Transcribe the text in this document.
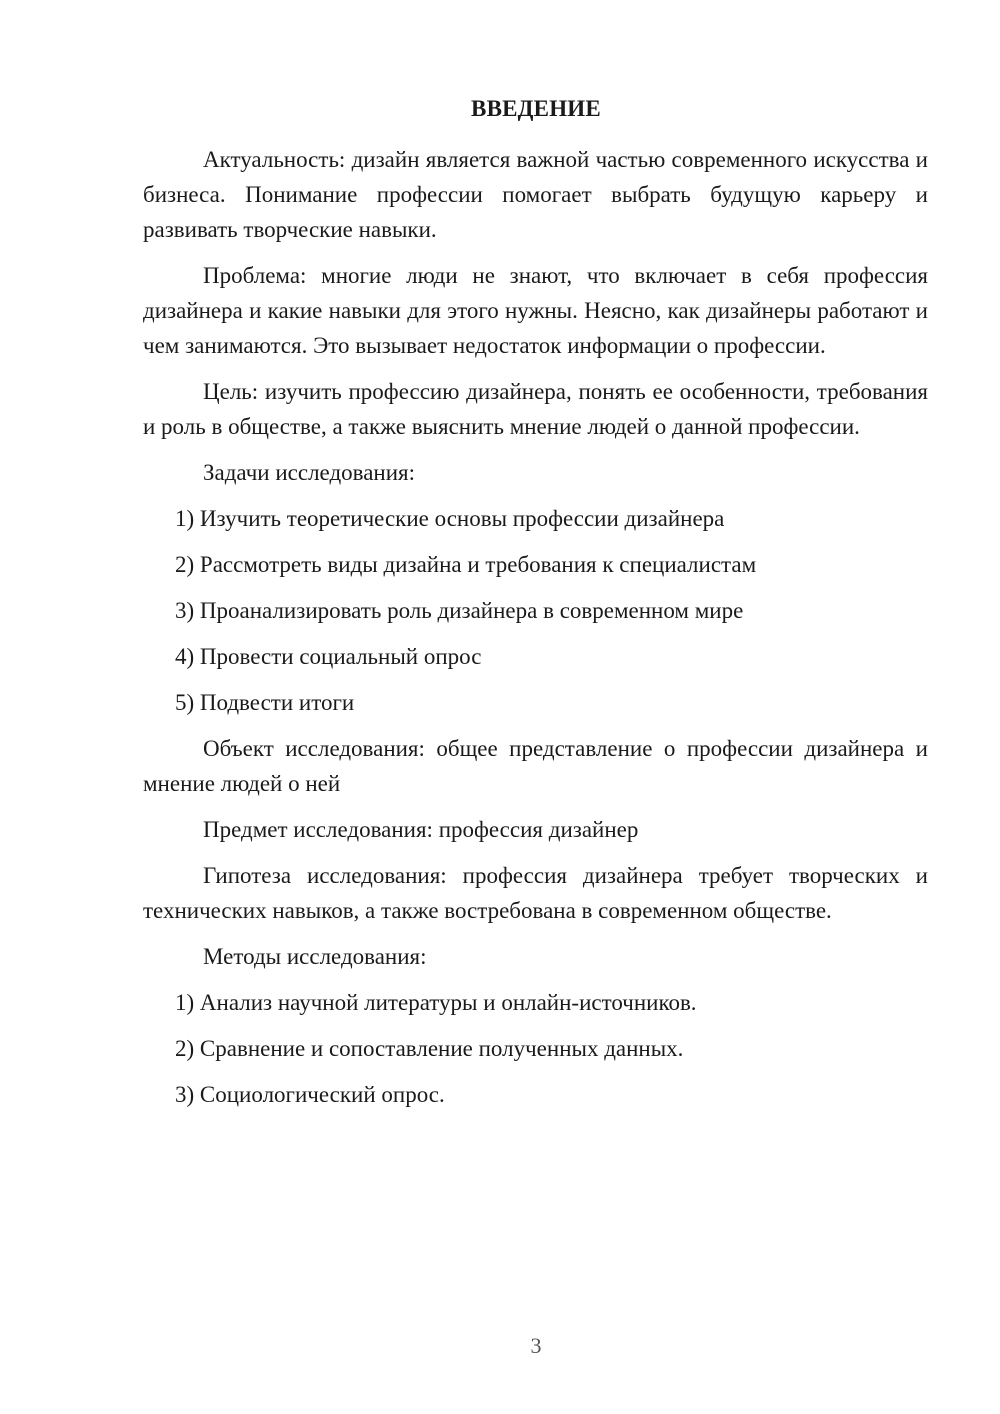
ВВЕДЕНИЕ

Актуальность: дизайн является важной частью современного искусства и бизнеса. Понимание профессии помогает выбрать будущую карьеру и развивать творческие навыки.

Проблема: многие люди не знают, что включает в себя профессия дизайнера и какие навыки для этого нужны. Неясно, как дизайнеры работают и чем занимаются. Это вызывает недостаток информации о профессии.

Цель: изучить профессию дизайнера, понять ее особенности, требования и роль в обществе, а также выяснить мнение людей о данной профессии.

Задачи исследования:

1) Изучить теоретические основы профессии дизайнера

2) Рассмотреть виды дизайна и требования к специалистам

3) Проанализировать роль дизайнера в современном мире

4) Провести социальный опрос

5) Подвести итоги

Объект исследования: общее представление о профессии дизайнера и мнение людей о ней

Предмет исследования: профессия дизайнер

Гипотеза исследования: профессия дизайнера требует творческих и технических навыков, а также востребована в современном обществе.

Методы исследования:

1) Анализ научной литературы и онлайн-источников.

2) Сравнение и сопоставление полученных данных.

3) Социологический опрос.

3
